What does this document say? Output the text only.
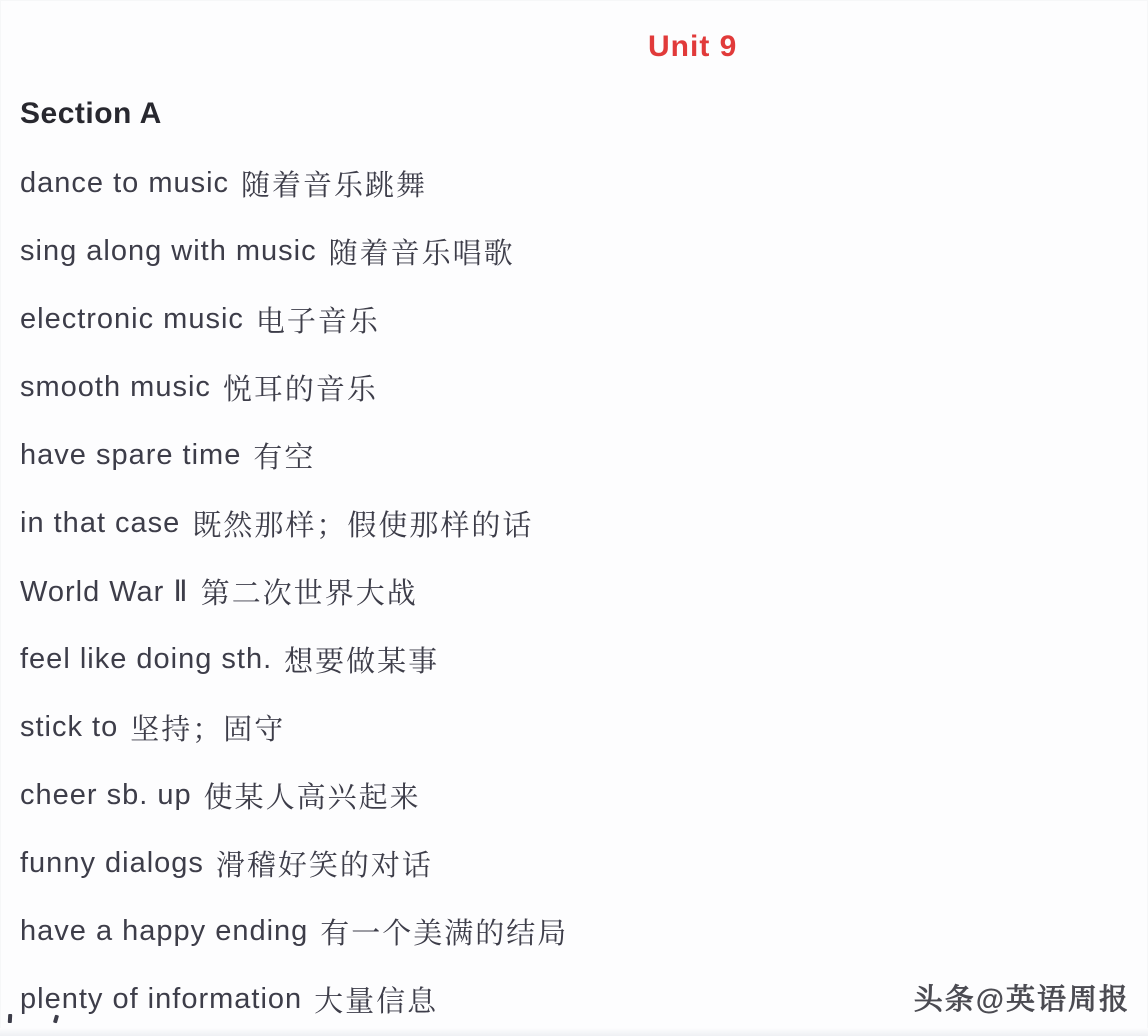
Unit 9
Section A
dance to music 随着音乐跳舞
sing along with music 随着音乐唱歌
electronic music 电子音乐
smooth music 悦耳的音乐
have spare time 有空
in that case 既然那样；假使那样的话
World War Ⅱ 第二次世界大战
feel like doing sth. 想要做某事
stick to 坚持；固守
cheer sb. up 使某人高兴起来
funny dialogs 滑稽好笑的对话
have a happy ending 有一个美满的结局
plenty of information 大量信息	头条@英语周报
